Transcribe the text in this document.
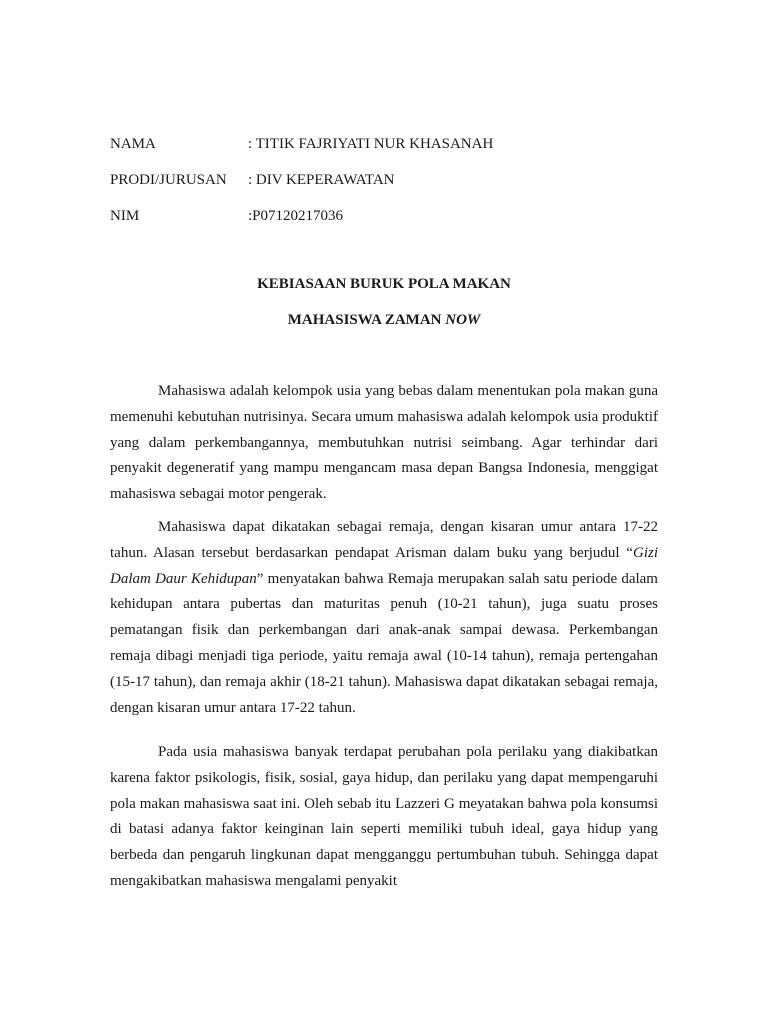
NAMA	: TITIK FAJRIYATI NUR KHASANAH
PRODI/JURUSAN : DIV KEPERAWATAN
NIM	:P07120217036
KEBIASAAN BURUK POLA MAKAN
MAHASISWA ZAMAN NOW

Mahasiswa adalah kelompok usia yang bebas dalam menentukan pola makan guna memenuhi kebutuhan nutrisinya. Secara umum mahasiswa adalah kelompok usia produktif yang dalam perkembangannya, membutuhkan nutrisi seimbang. Agar terhindar dari penyakit degeneratif yang mampu mengancam masa depan Bangsa Indonesia, menggigat mahasiswa sebagai motor pengerak.

Mahasiswa dapat dikatakan sebagai remaja, dengan kisaran umur antara 17-22 tahun. Alasan tersebut berdasarkan pendapat Arisman dalam buku yang berjudul “Gizi Dalam Daur Kehidupan” menyatakan bahwa Remaja merupakan salah satu periode dalam kehidupan antara pubertas dan maturitas penuh (10-21 tahun), juga suatu proses pematangan fisik dan perkembangan dari anak-anak sampai dewasa. Perkembangan remaja dibagi menjadi tiga periode, yaitu remaja awal (10-14 tahun), remaja pertengahan (15-17 tahun), dan remaja akhir (18-21 tahun). Mahasiswa dapat dikatakan sebagai remaja, dengan kisaran umur antara 17-22 tahun.

Pada usia mahasiswa banyak terdapat perubahan pola perilaku yang diakibatkan karena faktor psikologis, fisik, sosial, gaya hidup, dan perilaku yang dapat mempengaruhi pola makan mahasiswa saat ini. Oleh sebab itu Lazzeri G meyatakan bahwa pola konsumsi di batasi adanya faktor keinginan lain seperti memiliki tubuh ideal, gaya hidup yang berbeda dan pengaruh lingkunan dapat mengganggu pertumbuhan tubuh. Sehingga dapat mengakibatkan mahasiswa mengalami penyakit
